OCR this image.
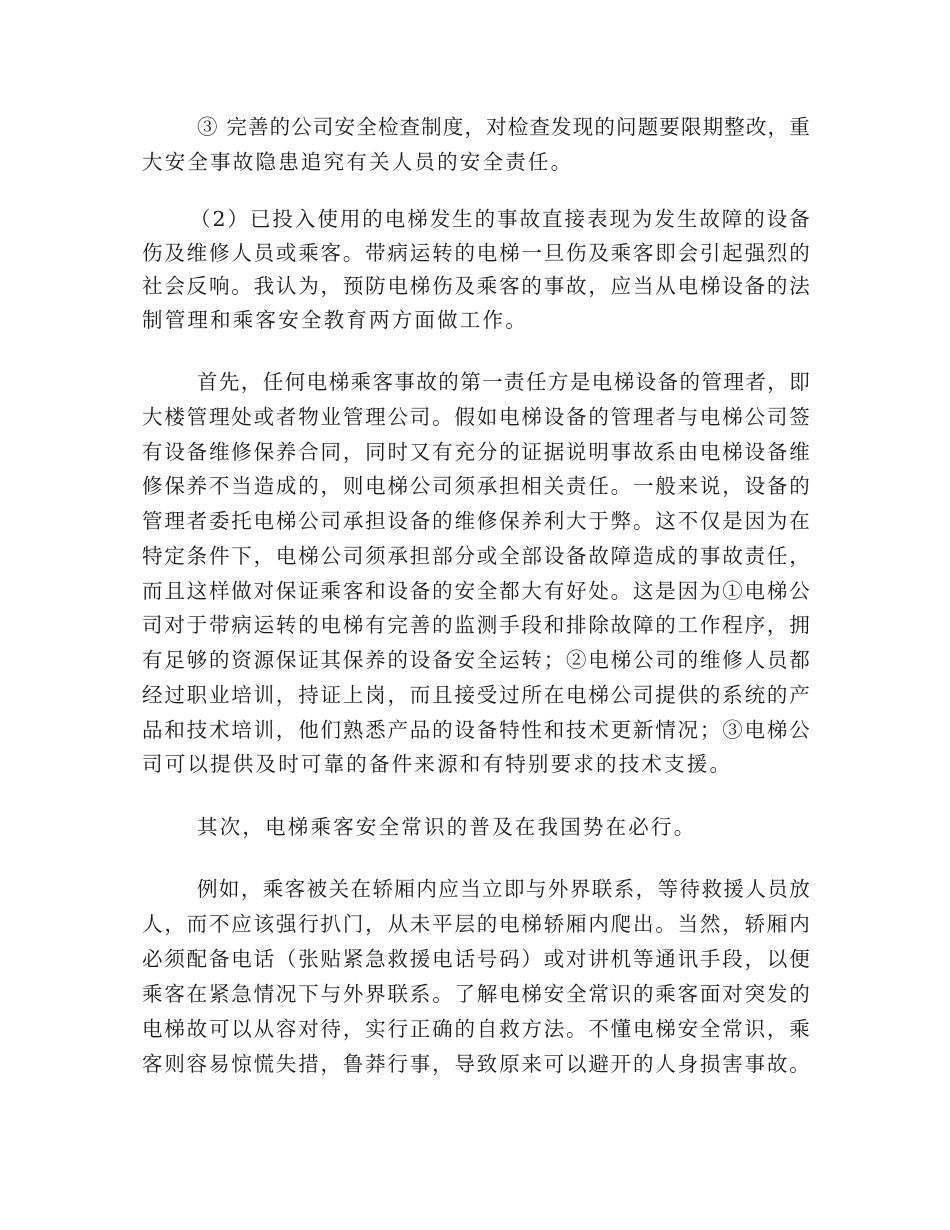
③ 完善的公司安全检查制度，对检查发现的问题要限期整改，重
大安全事故隐患追究有关人员的安全责任。
（2）已投入使用的电梯发生的事故直接表现为发生故障的设备
伤及维修人员或乘客。带病运转的电梯一旦伤及乘客即会引起强烈的
社会反响。我认为，预防电梯伤及乘客的事故，应当从电梯设备的法
制管理和乘客安全教育两方面做工作。
首先，任何电梯乘客事故的第一责任方是电梯设备的管理者，即
大楼管理处或者物业管理公司。假如电梯设备的管理者与电梯公司签
有设备维修保养合同，同时又有充分的证据说明事故系由电梯设备维
修保养不当造成的，则电梯公司须承担相关责任。一般来说，设备的
管理者委托电梯公司承担设备的维修保养利大于弊。这不仅是因为在
特定条件下，电梯公司须承担部分或全部设备故障造成的事故责任，
而且这样做对保证乘客和设备的安全都大有好处。这是因为①电梯公
司对于带病运转的电梯有完善的监测手段和排除故障的工作程序，拥
有足够的资源保证其保养的设备安全运转；②电梯公司的维修人员都
经过职业培训，持证上岗，而且接受过所在电梯公司提供的系统的产
品和技术培训，他们熟悉产品的设备特性和技术更新情况；③电梯公
司可以提供及时可靠的备件来源和有特别要求的技术支援。
其次，电梯乘客安全常识的普及在我国势在必行。
例如，乘客被关在轿厢内应当立即与外界联系，等待救援人员放
人，而不应该强行扒门，从未平层的电梯轿厢内爬出。当然，轿厢内
必须配备电话（张贴紧急救援电话号码）或对讲机等通讯手段，以便
乘客在紧急情况下与外界联系。了解电梯安全常识的乘客面对突发的
电梯故可以从容对待，实行正确的自救方法。不懂电梯安全常识，乘
客则容易惊慌失措，鲁莽行事，导致原来可以避开的人身损害事故。
